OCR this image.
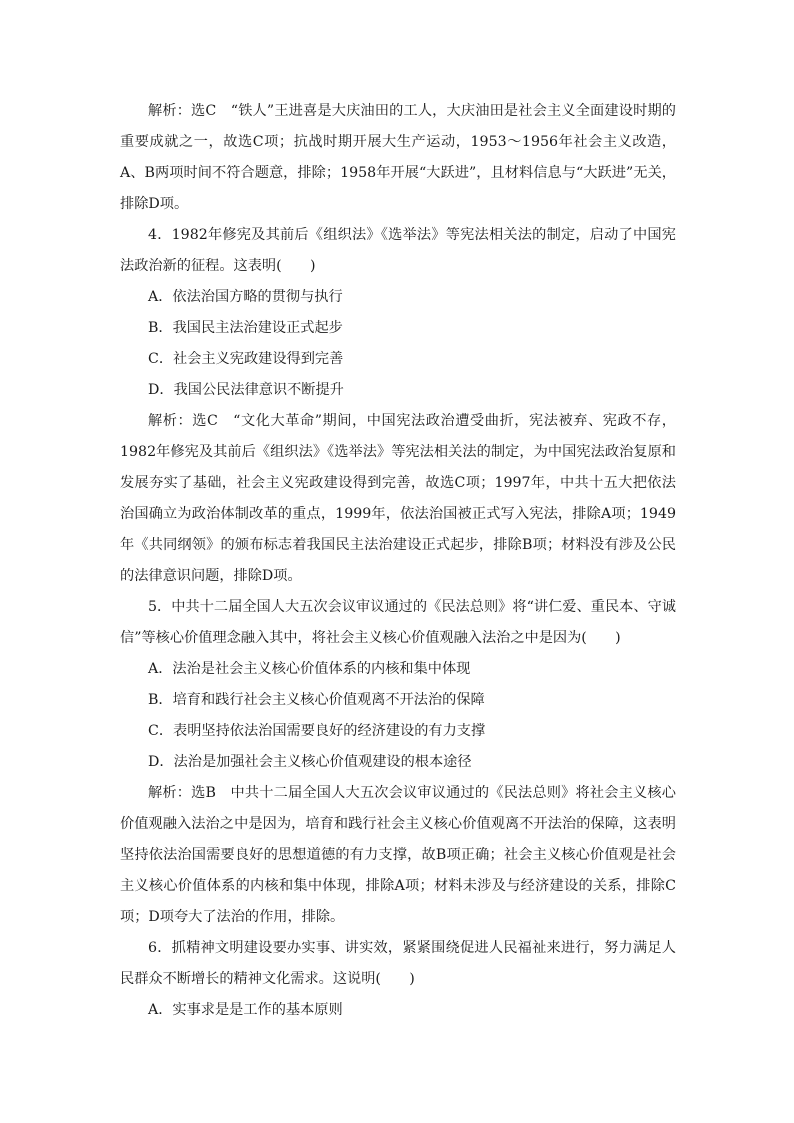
解析：选C　“铁人”王进喜是大庆油田的工人，大庆油田是社会主义全面建设时期的重要成就之一，故选C项；抗战时期开展大生产运动，1953～1956年社会主义改造，A、B两项时间不符合题意，排除；1958年开展“大跃进”，且材料信息与“大跃进”无关，排除D项。

4．1982年修宪及其前后《组织法》《选举法》等宪法相关法的制定，启动了中国宪法政治新的征程。这表明(　　)

A．依法治国方略的贯彻与执行

B．我国民主法治建设正式起步

C．社会主义宪政建设得到完善

D．我国公民法律意识不断提升

解析：选C　“文化大革命”期间，中国宪法政治遭受曲折，宪法被弃、宪政不存，1982年修宪及其前后《组织法》《选举法》等宪法相关法的制定，为中国宪法政治复原和发展夯实了基础，社会主义宪政建设得到完善，故选C项；1997年，中共十五大把依法治国确立为政治体制改革的重点，1999年，依法治国被正式写入宪法，排除A项；1949年《共同纲领》的颁布标志着我国民主法治建设正式起步，排除B项；材料没有涉及公民的法律意识问题，排除D项。

5．中共十二届全国人大五次会议审议通过的《民法总则》将“讲仁爱、重民本、守诚信”等核心价值理念融入其中，将社会主义核心价值观融入法治之中是因为(　　)

A．法治是社会主义核心价值体系的内核和集中体现

B．培育和践行社会主义核心价值观离不开法治的保障

C．表明坚持依法治国需要良好的经济建设的有力支撑

D．法治是加强社会主义核心价值观建设的根本途径

解析：选B　中共十二届全国人大五次会议审议通过的《民法总则》将社会主义核心价值观融入法治之中是因为，培育和践行社会主义核心价值观离不开法治的保障，这表明坚持依法治国需要良好的思想道德的有力支撑，故B项正确；社会主义核心价值观是社会主义核心价值体系的内核和集中体现，排除A项；材料未涉及与经济建设的关系，排除C项；D项夸大了法治的作用，排除。

6．抓精神文明建设要办实事、讲实效，紧紧围绕促进人民福祉来进行，努力满足人民群众不断增长的精神文化需求。这说明(　　)

A．实事求是是工作的基本原则
